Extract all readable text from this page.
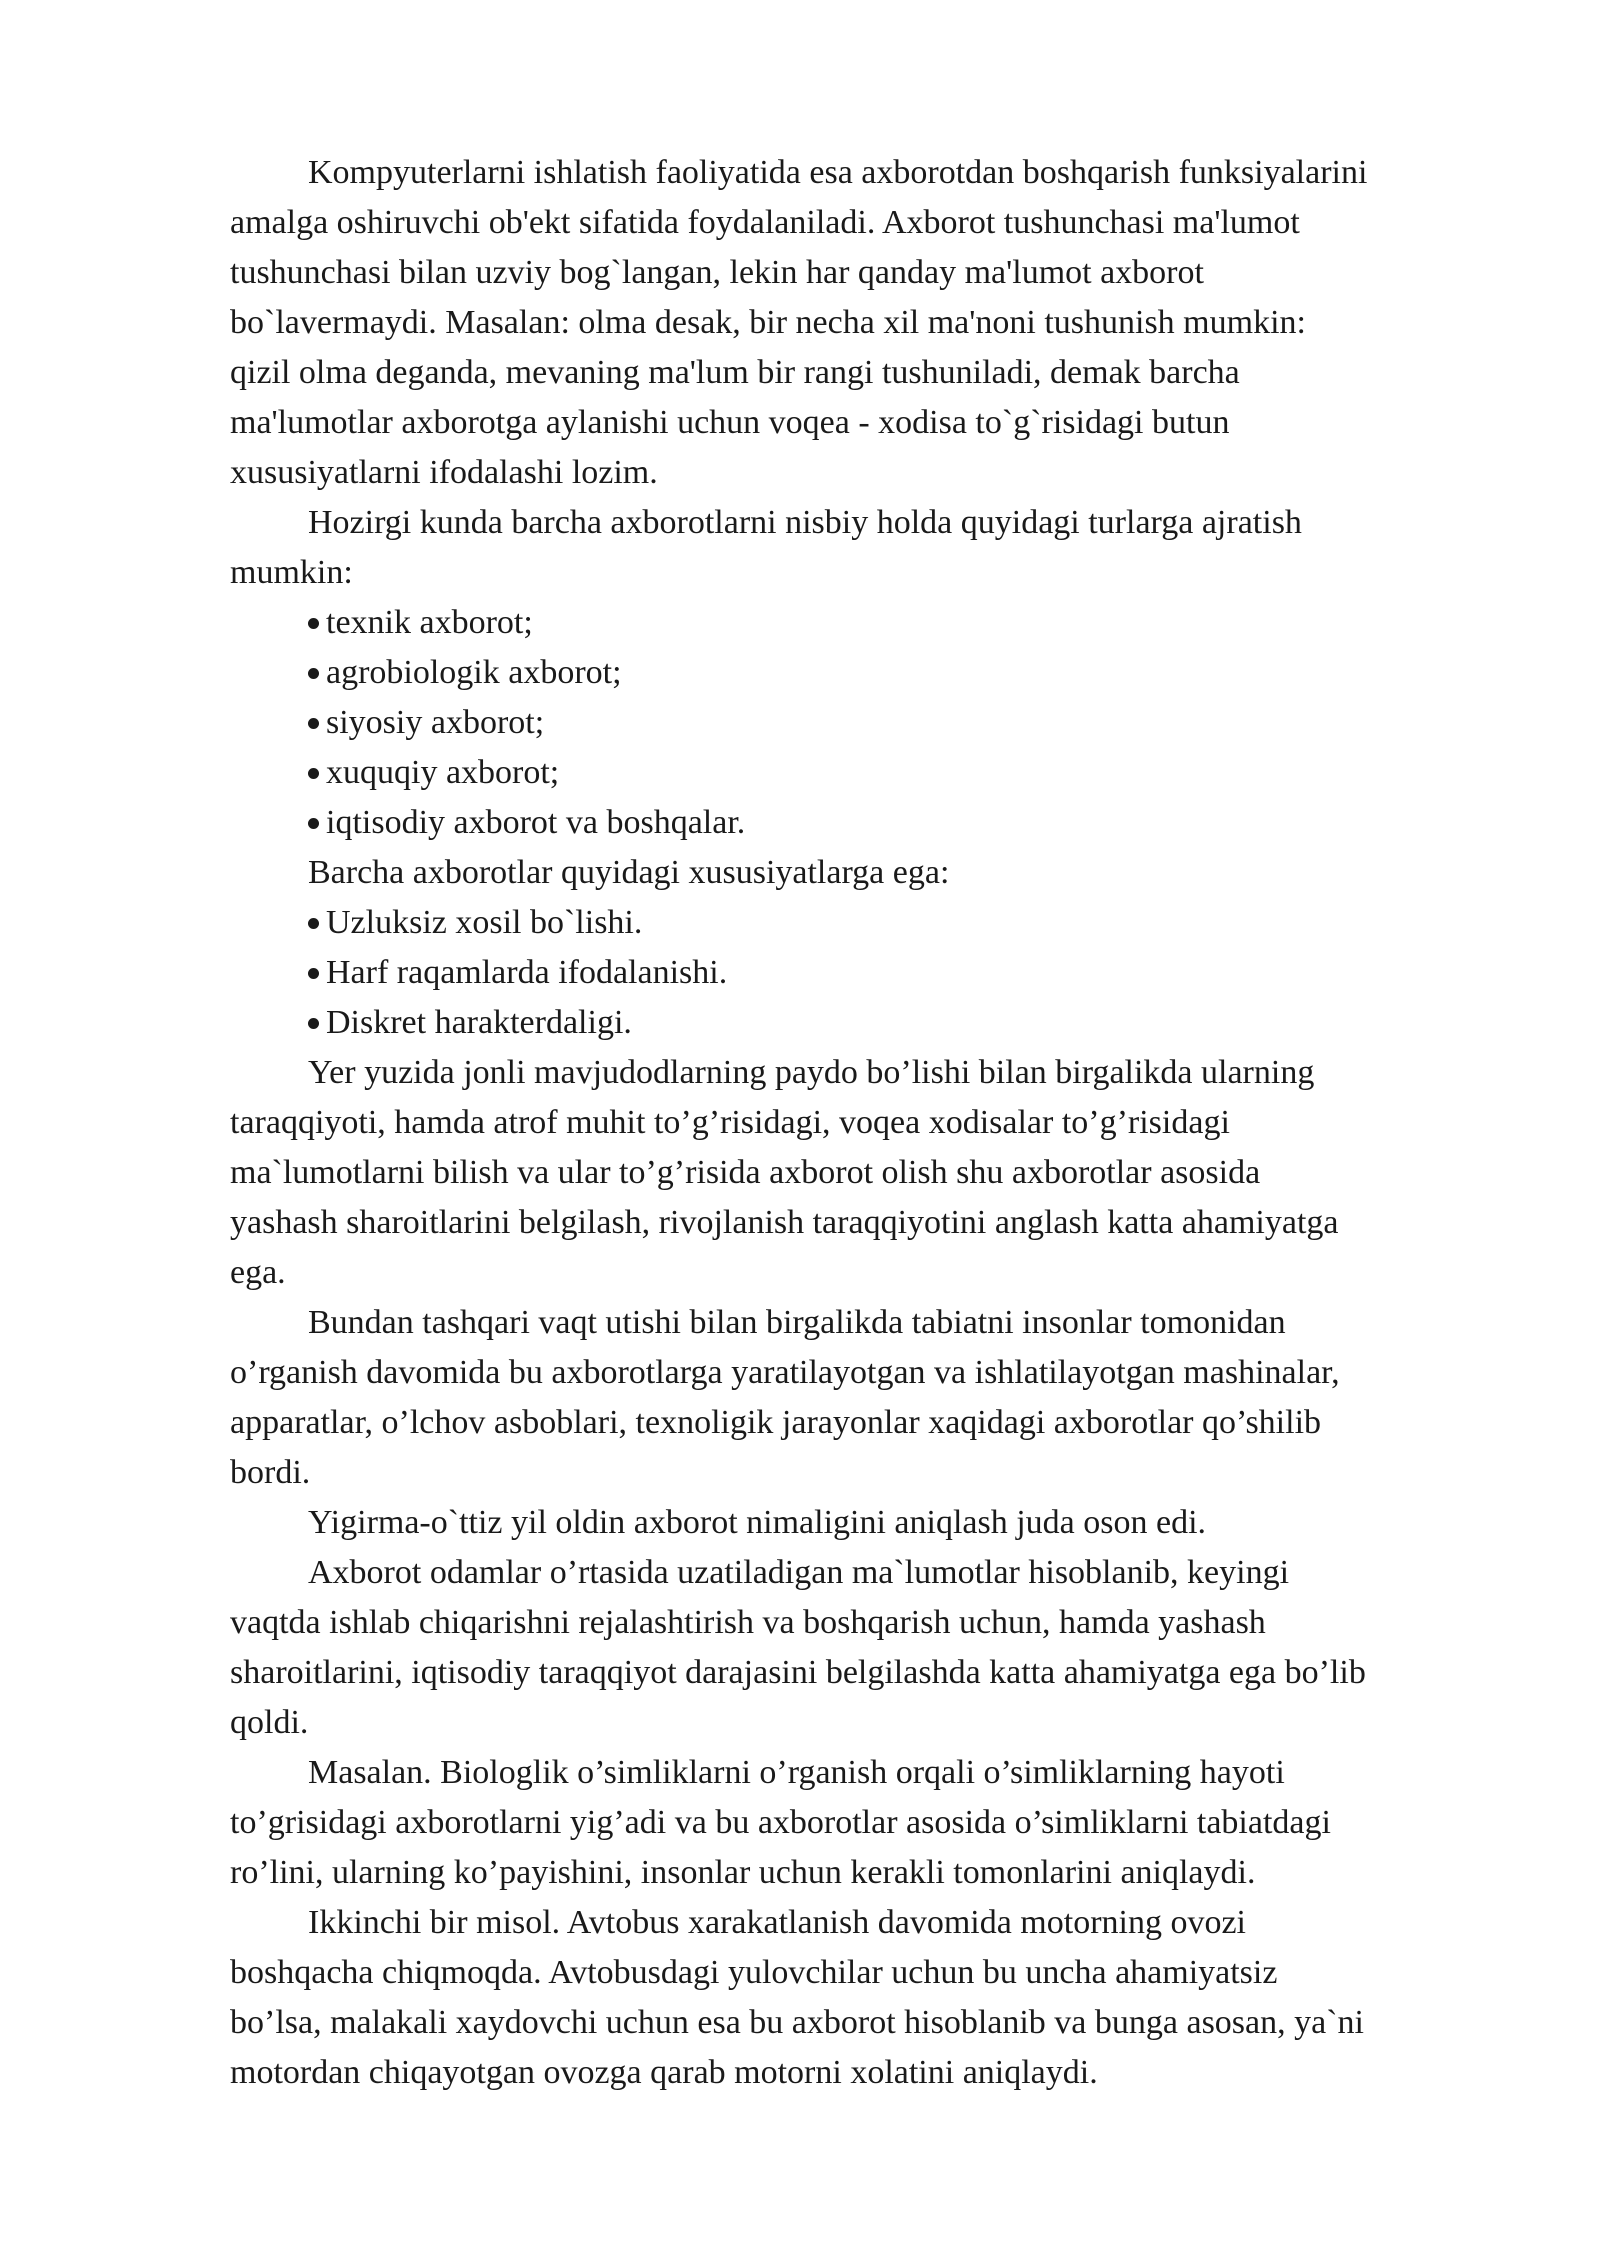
Kompyuterlarni ishlatish faoliyatida esa axborotdan boshqarish funksiyalarini
amalga oshiruvchi ob'ekt sifatida foydalaniladi. Axborot tushunchasi ma'lumot
tushunchasi bilan uzviy bog`langan, lekin har qanday ma'lumot axborot
bo`lavermaydi. Masalan: olma desak, bir necha xil ma'noni tushunish mumkin:
qizil olma deganda, mevaning ma'lum bir rangi tushuniladi, demak barcha
ma'lumotlar axborotga aylanishi uchun voqea - xodisa to`g`risidagi butun
xususiyatlarni ifodalashi lozim.

Hozirgi kunda barcha axborotlarni nisbiy holda quyidagi turlarga ajratish
mumkin:

texnik axborot;
agrobiologik axborot;
siyosiy axborot;
xuquqiy axborot;
iqtisodiy axborot va boshqalar.

Barcha axborotlar quyidagi xususiyatlarga ega:

Uzluksiz xosil bo`lishi.
Harf raqamlarda ifodalanishi.
Diskret harakterdaligi.

Yer yuzida jonli mavjudodlarning paydo bo’lishi bilan birgalikda ularning
taraqqiyoti, hamda atrof muhit to’g’risidagi, voqea xodisalar to’g’risidagi
ma`lumotlarni bilish va ular to’g’risida axborot olish shu axborotlar asosida
yashash sharoitlarini belgilash, rivojlanish taraqqiyotini anglash katta ahamiyatga
ega.

Bundan tashqari vaqt utishi bilan birgalikda tabiatni insonlar tomonidan
o’rganish davomida bu axborotlarga yaratilayotgan va ishlatilayotgan mashinalar,
apparatlar, o’lchov asboblari, texnoligik jarayonlar xaqidagi axborotlar qo’shilib
bordi.

Yigirma-o`ttiz yil oldin axborot nimaligini aniqlash juda oson edi.

Axborot odamlar o’rtasida uzatiladigan ma`lumotlar hisoblanib, keyingi
vaqtda ishlab chiqarishni rejalashtirish va boshqarish uchun, hamda yashash
sharoitlarini, iqtisodiy taraqqiyot darajasini belgilashda katta ahamiyatga ega bo’lib
qoldi.

Masalan. Biologlik o’simliklarni o’rganish orqali o’simliklarning hayoti
to’grisidagi axborotlarni yig’adi va bu axborotlar asosida o’simliklarni tabiatdagi
ro’lini, ularning ko’payishini, insonlar uchun kerakli tomonlarini aniqlaydi.

Ikkinchi bir misol. Avtobus xarakatlanish davomida motorning ovozi
boshqacha chiqmoqda. Avtobusdagi yulovchilar uchun bu uncha ahamiyatsiz
bo’lsa, malakali xaydovchi uchun esa bu axborot hisoblanib va bunga asosan, ya`ni
motordan chiqayotgan ovozga qarab motorni xolatini aniqlaydi.
